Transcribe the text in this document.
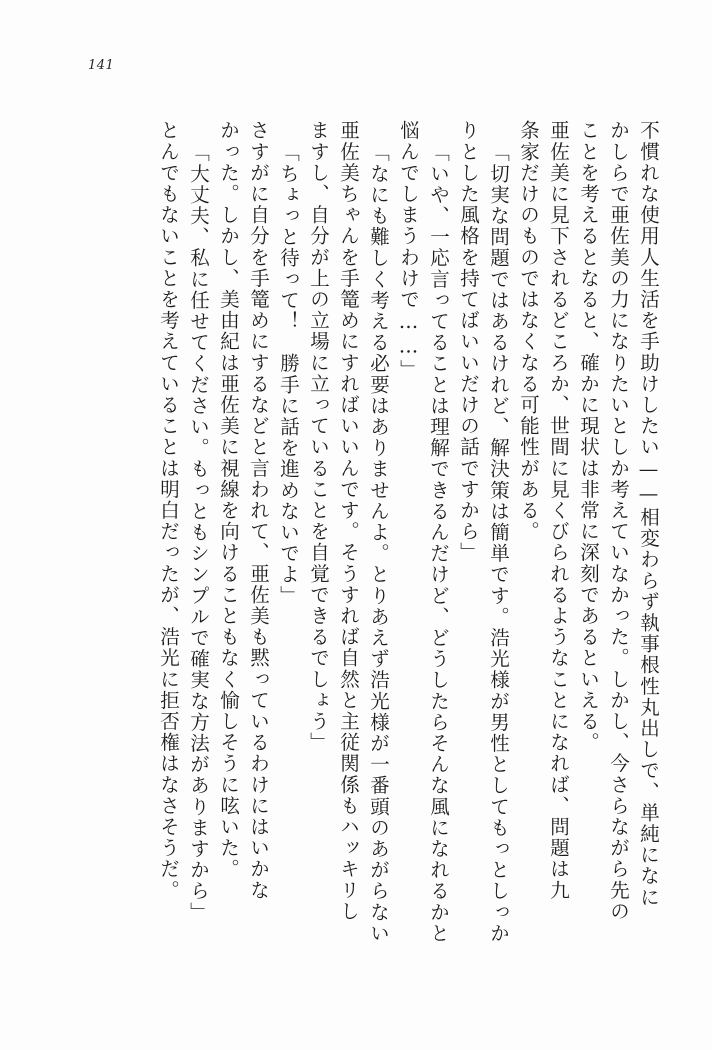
141
不慣れな使用人生活を手助けしたい——相変わらず執事根性丸出しで、単純になに
かしらで亜佐美の力になりたいとしか考えていなかった。しかし、今さらながら先の
ことを考えるとなると、確かに現状は非常に深刻であるといえる。
亜佐美に見下されるどころか、世間に見くびられるようなことになれば、問題は九
条家だけのものではなくなる可能性がある。
「切実な問題ではあるけれど、解決策は簡単です。浩光様が男性としてもっとしっか
りとした風格を持てばいいだけの話ですから」
「いや、一応言ってることは理解できるんだけど、どうしたらそんな風になれるかと
悩んでしまうわけで……」
「なにも難しく考える必要はありませんよ。とりあえず浩光様が一番頭のあがらない
亜佐美ちゃんを手篭めにすればいいんです。そうすれば自然と主従関係もハッキリし
ますし、自分が上の立場に立っていることを自覚できるでしょう」
「ちょっと待って！　勝手に話を進めないでよ」
さすがに自分を手篭めにするなどと言われて、亜佐美も黙っているわけにはいかな
かった。しかし、美由紀は亜佐美に視線を向けることもなく愉しそうに呟いた。
「大丈夫、私に任せてください。もっともシンプルで確実な方法がありますから」
とんでもないことを考えていることは明白だったが、浩光に拒否権はなさそうだ。
